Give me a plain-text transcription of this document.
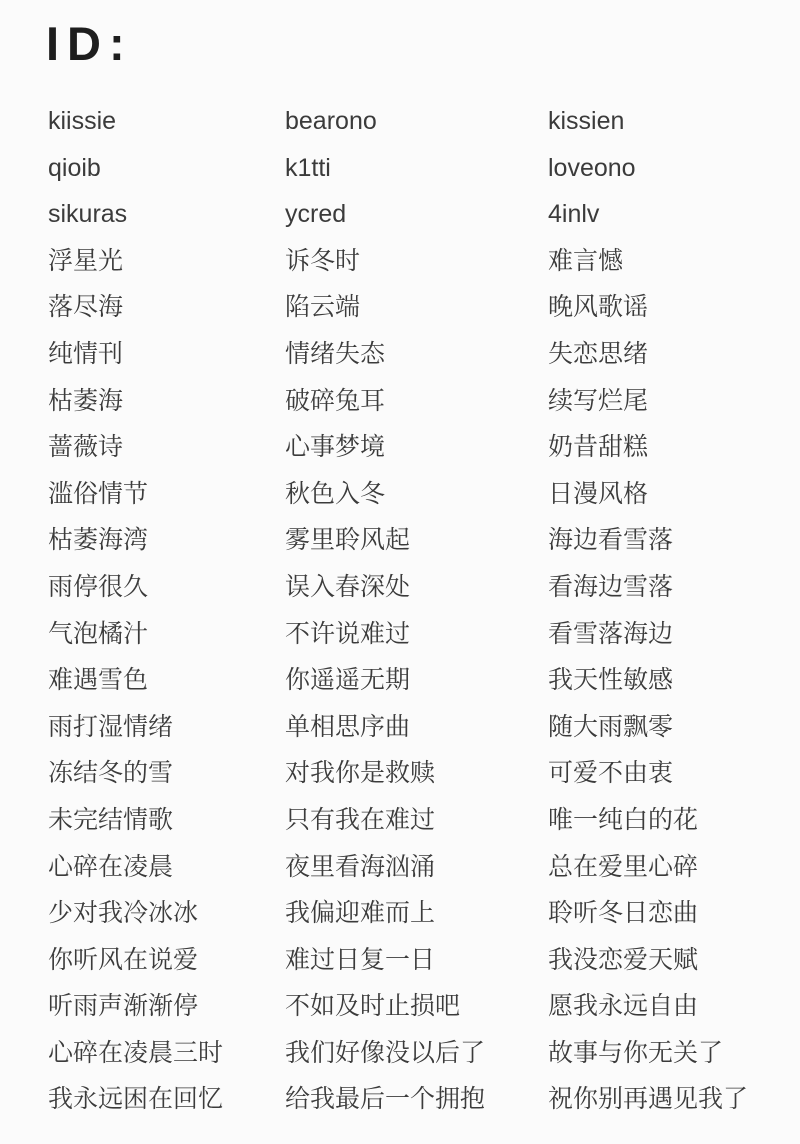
ID:
kiissie
qioib
sikuras
浮星光
落尽海
纯情刊
枯萎海
蔷薇诗
滥俗情节
枯萎海湾
雨停很久
气泡橘汁
难遇雪色
雨打湿情绪
冻结冬的雪
未完结情歌
心碎在凌晨
少对我冷冰冰
你听风在说爱
听雨声渐渐停
心碎在凌晨三时
我永远困在回忆
bearono
k1tti
ycred
诉冬时
陷云端
情绪失态
破碎兔耳
心事梦境
秋色入冬
雾里聆风起
误入春深处
不许说难过
你遥遥无期
单相思序曲
对我你是救赎
只有我在难过
夜里看海汹涌
我偏迎难而上
难过日复一日
不如及时止损吧
我们好像没以后了
给我最后一个拥抱
kissien
loveono
4inlv
难言憾
晚风歌谣
失恋思绪
续写烂尾
奶昔甜糕
日漫风格
海边看雪落
看海边雪落
看雪落海边
我天性敏感
随大雨飘零
可爱不由衷
唯一纯白的花
总在爱里心碎
聆听冬日恋曲
我没恋爱天赋
愿我永远自由
故事与你无关了
祝你别再遇见我了
